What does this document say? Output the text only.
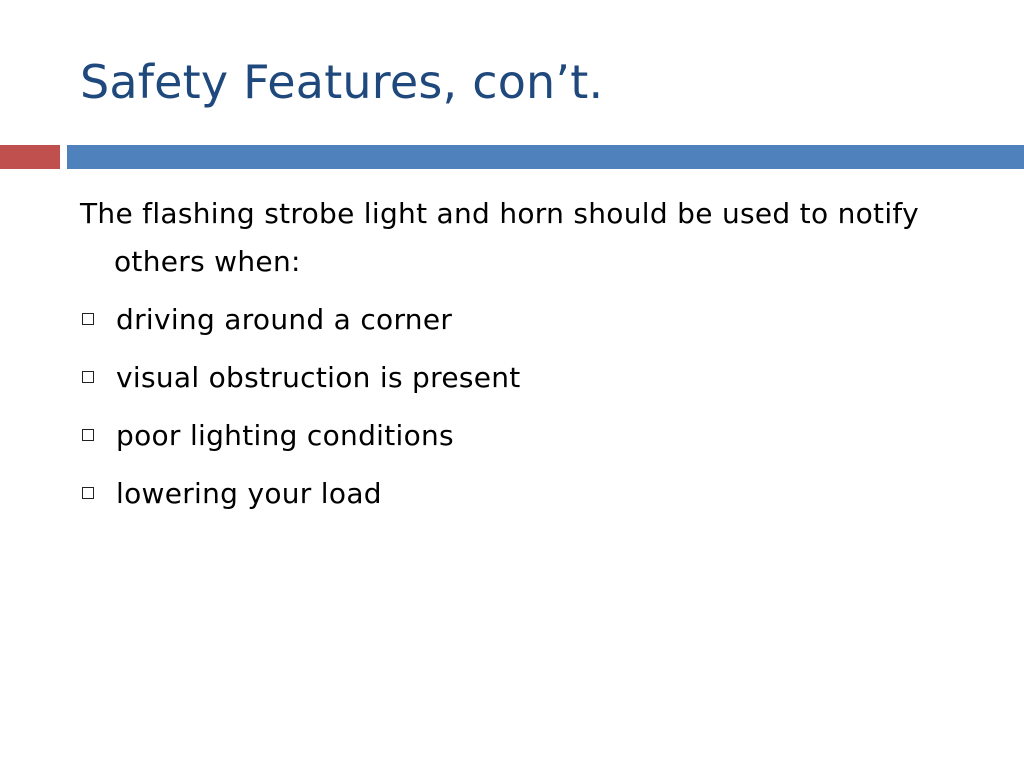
Safety Features, con’t.

The flashing strobe light and horn should be used to notify others when:

driving around a corner
visual obstruction is present
poor lighting conditions
lowering your load
